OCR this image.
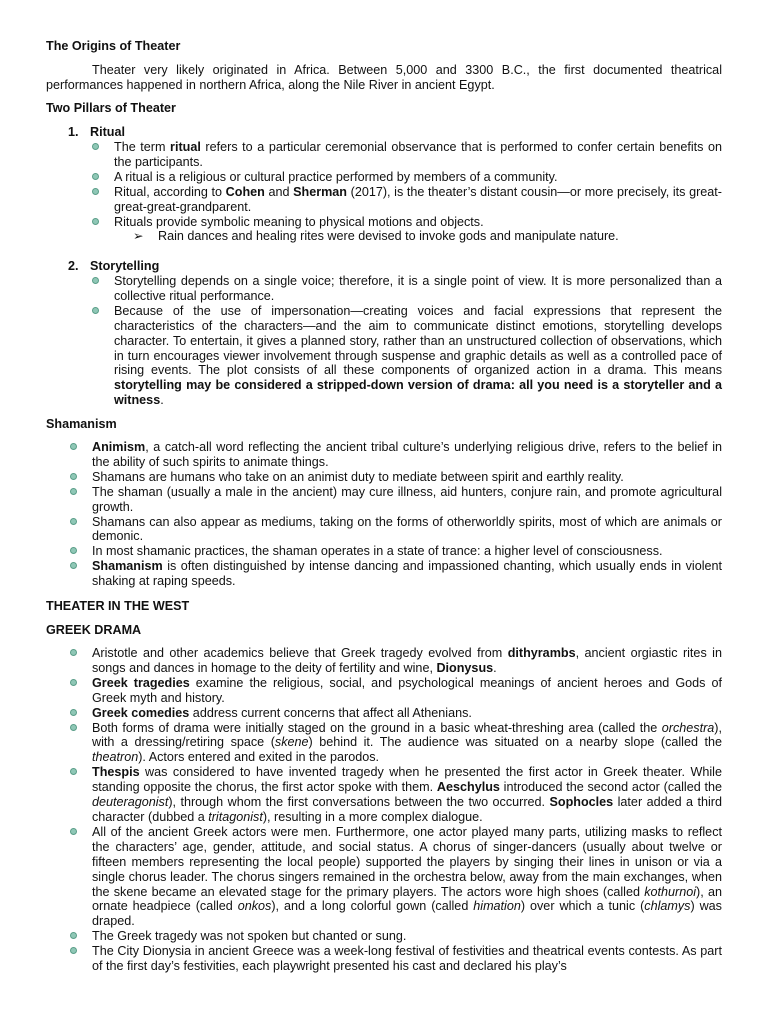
The Origins of Theater

Theater very likely originated in Africa. Between 5,000 and 3300 B.C., the first documented theatrical performances happened in northern Africa, along the Nile River in ancient Egypt.

Two Pillars of Theater
1. Ritual
The term ritual refers to a particular ceremonial observance that is performed to confer certain benefits on the participants.
A ritual is a religious or cultural practice performed by members of a community.
Ritual, according to Cohen and Sherman (2017), is the theater’s distant cousin—or more precisely, its great-great-great-grandparent.
Rituals provide symbolic meaning to physical motions and objects.
➢ Rain dances and healing rites were devised to invoke gods and manipulate nature.
2. Storytelling
Storytelling depends on a single voice; therefore, it is a single point of view. It is more personalized than a collective ritual performance.
Because of the use of impersonation—creating voices and facial expressions that represent the characteristics of the characters—and the aim to communicate distinct emotions, storytelling develops character. To entertain, it gives a planned story, rather than an unstructured collection of observations, which in turn encourages viewer involvement through suspense and graphic details as well as a controlled pace of rising events. The plot consists of all these components of organized action in a drama. This means storytelling may be considered a stripped-down version of drama: all you need is a storyteller and a witness.
Shamanism
Animism, a catch-all word reflecting the ancient tribal culture’s underlying religious drive, refers to the belief in the ability of such spirits to animate things.
Shamans are humans who take on an animist duty to mediate between spirit and earthly reality.
The shaman (usually a male in the ancient) may cure illness, aid hunters, conjure rain, and promote agricultural growth.
Shamans can also appear as mediums, taking on the forms of otherworldly spirits, most of which are animals or demonic.
In most shamanic practices, the shaman operates in a state of trance: a higher level of consciousness.
Shamanism is often distinguished by intense dancing and impassioned chanting, which usually ends in violent shaking at raping speeds.
THEATER IN THE WEST
GREEK DRAMA
Aristotle and other academics believe that Greek tragedy evolved from dithyrambs, ancient orgiastic rites in songs and dances in homage to the deity of fertility and wine, Dionysus.
Greek tragedies examine the religious, social, and psychological meanings of ancient heroes and Gods of Greek myth and history.
Greek comedies address current concerns that affect all Athenians.
Both forms of drama were initially staged on the ground in a basic wheat-threshing area (called the orchestra), with a dressing/retiring space (skene) behind it. The audience was situated on a nearby slope (called the theatron). Actors entered and exited in the parodos.
Thespis was considered to have invented tragedy when he presented the first actor in Greek theater. While standing opposite the chorus, the first actor spoke with them. Aeschylus introduced the second actor (called the deuteragonist), through whom the first conversations between the two occurred. Sophocles later added a third character (dubbed a tritagonist), resulting in a more complex dialogue.
All of the ancient Greek actors were men. Furthermore, one actor played many parts, utilizing masks to reflect the characters’ age, gender, attitude, and social status. A chorus of singer-dancers (usually about twelve or fifteen members representing the local people) supported the players by singing their lines in unison or via a single chorus leader. The chorus singers remained in the orchestra below, away from the main exchanges, when the skene became an elevated stage for the primary players. The actors wore high shoes (called kothurnoi), an ornate headpiece (called onkos), and a long colorful gown (called himation) over which a tunic (chlamys) was draped.
The Greek tragedy was not spoken but chanted or sung.
The City Dionysia in ancient Greece was a week-long festival of festivities and theatrical events contests. As part of the first day’s festivities, each playwright presented his cast and declared his play’s
